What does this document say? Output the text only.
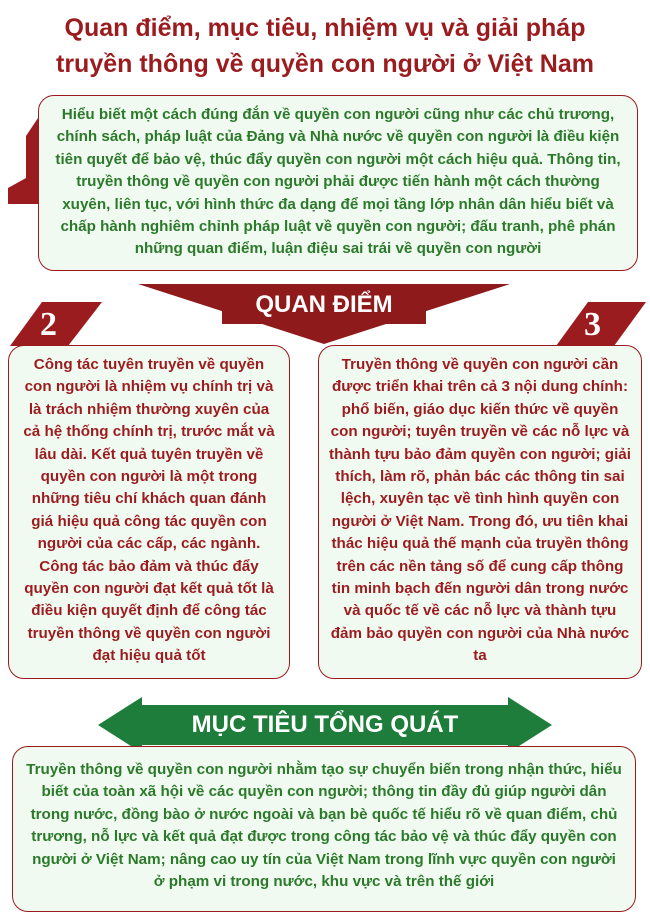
Quan điểm, mục tiêu, nhiệm vụ và giải pháp
truyền thông về quyền con người ở Việt Nam
1
Hiểu biết một cách đúng đắn về quyền con người cũng như các chủ trương, chính sách, pháp luật của Đảng và Nhà nước về quyền con người là điều kiện tiên quyết để bảo vệ, thúc đẩy quyền con người một cách hiệu quả. Thông tin, truyền thông về quyền con người phải được tiến hành một cách thường xuyên, liên tục, với hình thức đa dạng để mọi tầng lớp nhân dân hiểu biết và chấp hành nghiêm chỉnh pháp luật về quyền con người; đấu tranh, phê phán những quan điểm, luận điệu sai trái về quyền con người
QUAN ĐIỂM
2	3
Công tác tuyên truyền về quyền con người là nhiệm vụ chính trị và là trách nhiệm thường xuyên của cả hệ thống chính trị, trước mắt và lâu dài. Kết quả tuyên truyền về quyền con người là một trong những tiêu chí khách quan đánh giá hiệu quả công tác quyền con người của các cấp, các ngành. Công tác bảo đảm và thúc đẩy quyền con người đạt kết quả tốt là điều kiện quyết định để công tác truyền thông về quyền con người đạt hiệu quả tốt
Truyền thông về quyền con người cần được triển khai trên cả 3 nội dung chính: phổ biến, giáo dục kiến thức về quyền con người; tuyên truyền về các nỗ lực và thành tựu bảo đảm quyền con người; giải thích, làm rõ, phản bác các thông tin sai lệch, xuyên tạc về tình hình quyền con người ở Việt Nam. Trong đó, ưu tiên khai thác hiệu quả thế mạnh của truyền thông trên các nền tảng số để cung cấp thông tin minh bạch đến người dân trong nước và quốc tế về các nỗ lực và thành tựu đảm bảo quyền con người của Nhà nước ta
MỤC TIÊU TỔNG QUÁT
Truyền thông về quyền con người nhằm tạo sự chuyển biến trong nhận thức, hiểu biết của toàn xã hội về các quyền con người; thông tin đầy đủ giúp người dân trong nước, đồng bào ở nước ngoài và bạn bè quốc tế hiểu rõ về quan điểm, chủ trương, nỗ lực và kết quả đạt được trong công tác bảo vệ và thúc đẩy quyền con người ở Việt Nam; nâng cao uy tín của Việt Nam trong lĩnh vực quyền con người ở phạm vi trong nước, khu vực và trên thế giới
